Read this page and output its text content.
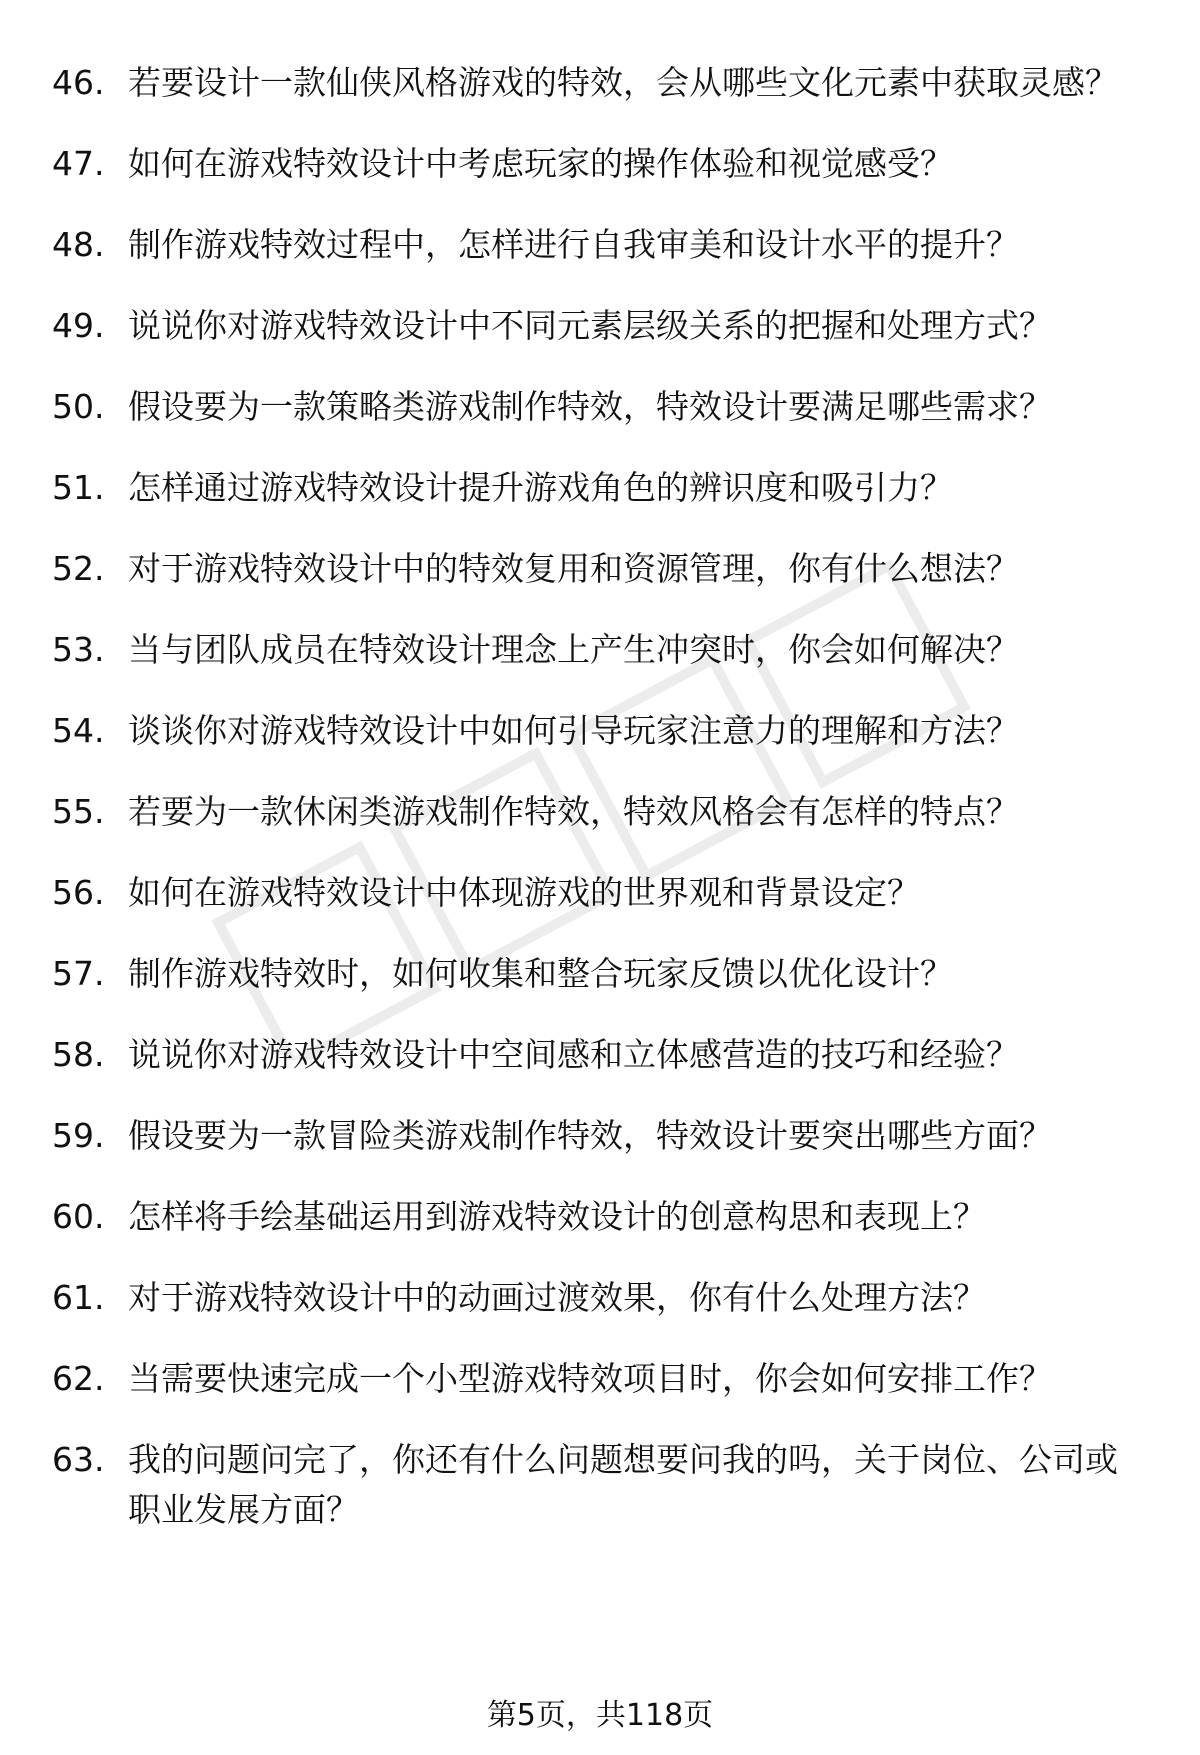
46. 若要设计一款仙侠风格游戏的特效，会从哪些文化元素中获取灵感？
47. 如何在游戏特效设计中考虑玩家的操作体验和视觉感受？
48. 制作游戏特效过程中，怎样进行自我审美和设计水平的提升？
49. 说说你对游戏特效设计中不同元素层级关系的把握和处理方式？
50. 假设要为一款策略类游戏制作特效，特效设计要满足哪些需求？
51. 怎样通过游戏特效设计提升游戏角色的辨识度和吸引力？
52. 对于游戏特效设计中的特效复用和资源管理，你有什么想法？
53. 当与团队成员在特效设计理念上产生冲突时，你会如何解决？
54. 谈谈你对游戏特效设计中如何引导玩家注意力的理解和方法？
55. 若要为一款休闲类游戏制作特效，特效风格会有怎样的特点？
56. 如何在游戏特效设计中体现游戏的世界观和背景设定？
57. 制作游戏特效时，如何收集和整合玩家反馈以优化设计？
58. 说说你对游戏特效设计中空间感和立体感营造的技巧和经验？
59. 假设要为一款冒险类游戏制作特效，特效设计要突出哪些方面？
60. 怎样将手绘基础运用到游戏特效设计的创意构思和表现上？
61. 对于游戏特效设计中的动画过渡效果，你有什么处理方法？
62. 当需要快速完成一个小型游戏特效项目时，你会如何安排工作？
63. 我的问题问完了，你还有什么问题想要问我的吗，关于岗位、公司或职业发展方面？
第5页，共118页
